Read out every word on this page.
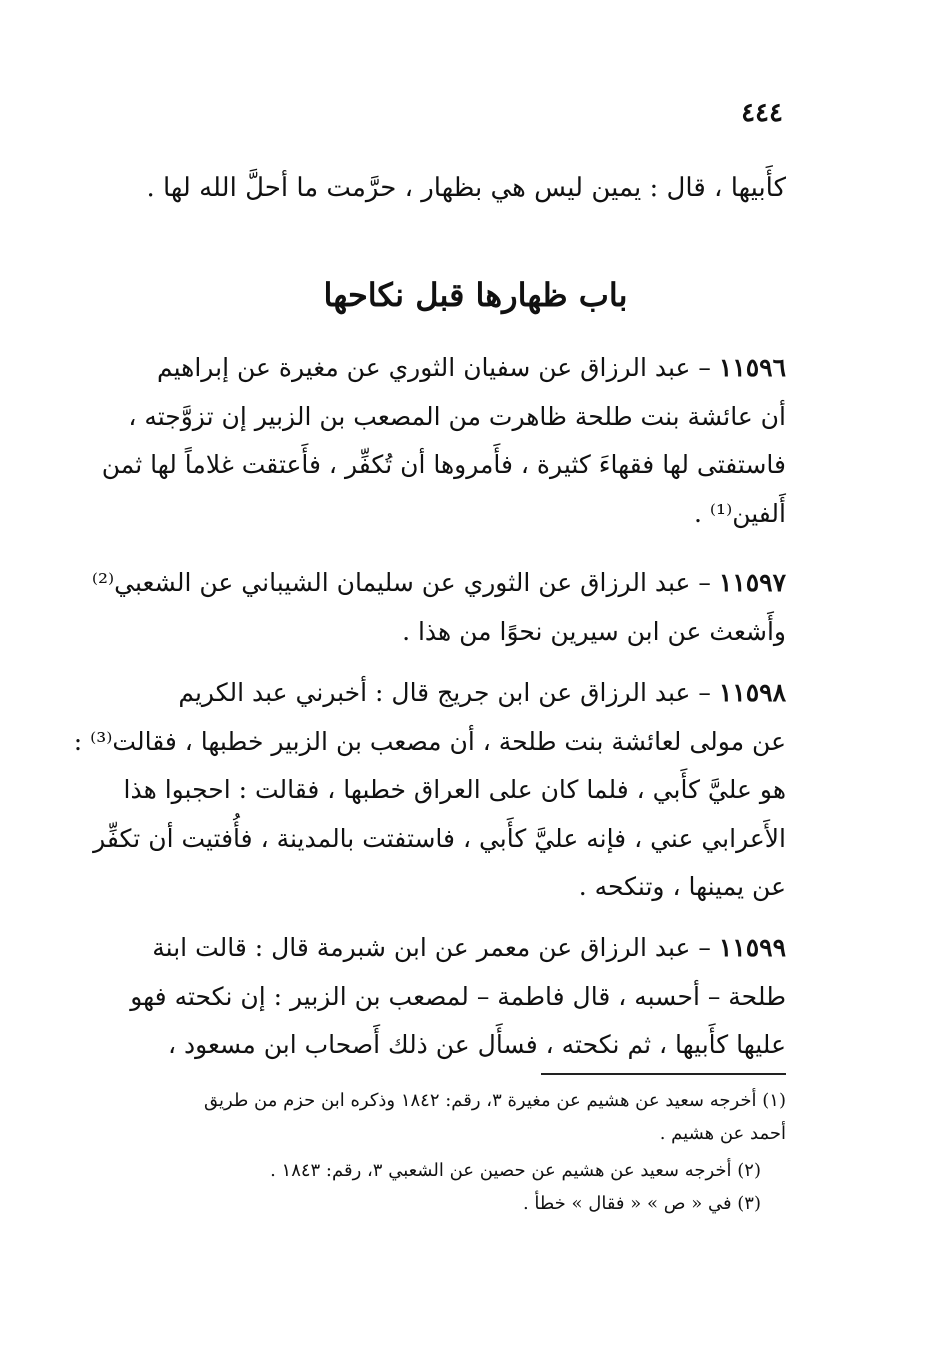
٤٤٤
كأَبيها ، قال : يمين ليس هي بظهار ، حرَّمت ما أحلَّ الله لها .
باب ظهارها قبل نكاحها
١١٥٩٦ – عبد الرزاق عن سفيان الثوري عن مغيرة عن إبراهيم
أن عائشة بنت طلحة ظاهرت من المصعب بن الزبير إن تزوَّجته ،
فاستفتى لها فقهاءَ كثيرة ، فأَمروها أن تُكفِّر ، فأَعتقت غلاماً لها ثمن
أَلفين⁽¹⁾ .
١١٥٩٧ – عبد الرزاق عن الثوري عن سليمان الشيباني عن الشعبي⁽²⁾
وأَشعث عن ابن سيرين نحوًا من هذا .
١١٥٩٨ – عبد الرزاق عن ابن جريج قال : أخبرني عبد الكريم
عن مولى لعائشة بنت طلحة ، أن مصعب بن الزبير خطبها ، فقالت⁽³⁾ :
هو عليَّ كأَبي ، فلما كان على العراق خطبها ، فقالت : احجبوا هذا
الأَعرابي عني ، فإنه عليَّ كأَبي ، فاستفتت بالمدينة ، فأُفتيت أن تكفِّر
عن يمينها ، وتنكحه .
١١٥٩٩ – عبد الرزاق عن معمر عن ابن شبرمة قال : قالت ابنة
طلحة – أحسبه ، قال فاطمة – لمصعب بن الزبير : إن نكحته فهو
عليها كأَبيها ، ثم نكحته ، فسأَل عن ذلك أَصحاب ابن مسعود ،
(١) أخرجه سعيد عن هشيم عن مغيرة ٣، رقم: ١٨٤٢ وذكره ابن حزم من طريق
أحمد عن هشيم .
(٢) أخرجه سعيد عن هشيم عن حصين عن الشعبي ٣، رقم: ١٨٤٣ .
(٣) في « ص » « فقال » خطأ .
